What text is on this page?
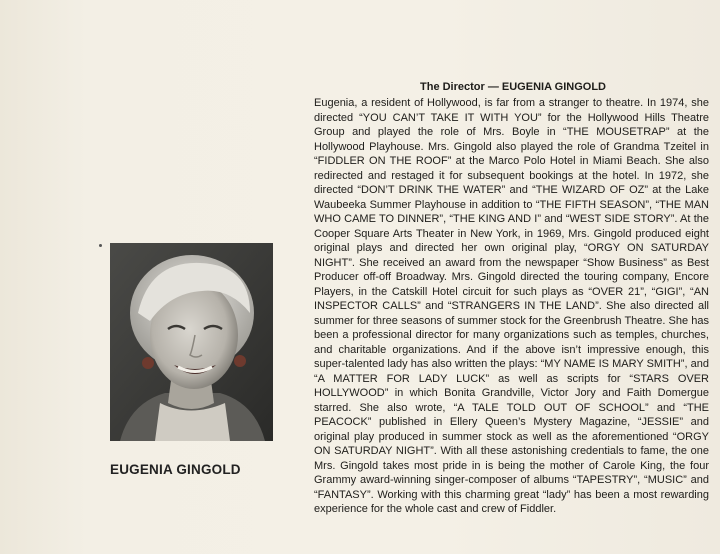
The Director — EUGENIA GINGOLD

Eugenia, a resident of Hollywood, is far from a stranger to theatre. In 1974, she directed “YOU CAN’T TAKE IT WITH YOU” for the Hollywood Hills Theatre Group and played the role of Mrs. Boyle in “THE MOUSETRAP” at the Hollywood Playhouse. Mrs. Gingold also played the role of Grandma Tzeitel in “FIDDLER ON THE ROOF” at the Marco Polo Hotel in Miami Beach. She also redirected and restaged it for subsequent bookings at the hotel. In 1972, she directed “DON’T DRINK THE WATER” and “THE WIZARD OF OZ” at the Lake Waubeeka Summer Playhouse in addition to “THE FIFTH SEASON”, “THE MAN WHO CAME TO DINNER”, “THE KING AND I” and “WEST SIDE STORY”. At the Cooper Square Arts Theater in New York, in 1969, Mrs. Gingold produced eight original plays and directed her own original play, “ORGY ON SATURDAY NIGHT”. She received an award from the newspaper “Show Business” as Best Producer off-off Broadway. Mrs. Gingold directed the touring company, Encore Players, in the Catskill Hotel circuit for such plays as “OVER 21”, “GIGI”, “AN INSPECTOR CALLS” and “STRANGERS IN THE LAND”. She also directed all summer for three seasons of summer stock for the Greenbrush Theatre. She has been a professional director for many organizations such as temples, churches, and charitable organizations. And if the above isn’t impressive enough, this super-talented lady has also written the plays: “MY NAME IS MARY SMITH”, and “A MATTER FOR LADY LUCK” as well as scripts for “STARS OVER HOLLYWOOD” in which Bonita Grandville, Victor Jory and Faith Domergue starred. She also wrote, “A TALE TOLD OUT OF SCHOOL” and “THE PEACOCK” published in Ellery Queen’s Mystery Magazine, “JESSIE” and original play produced in summer stock as well as the aforementioned “ORGY ON SATURDAY NIGHT”. With all these astonishing credentials to fame, the one Mrs. Gingold takes most pride in is being the mother of Carole King, the four Grammy award-winning singer-composer of albums “TAPESTRY”, “MUSIC” and “FANTASY”. Working with this charming great “lady” has been a most rewarding experience for the whole cast and crew of Fiddler.

EUGENIA GINGOLD
